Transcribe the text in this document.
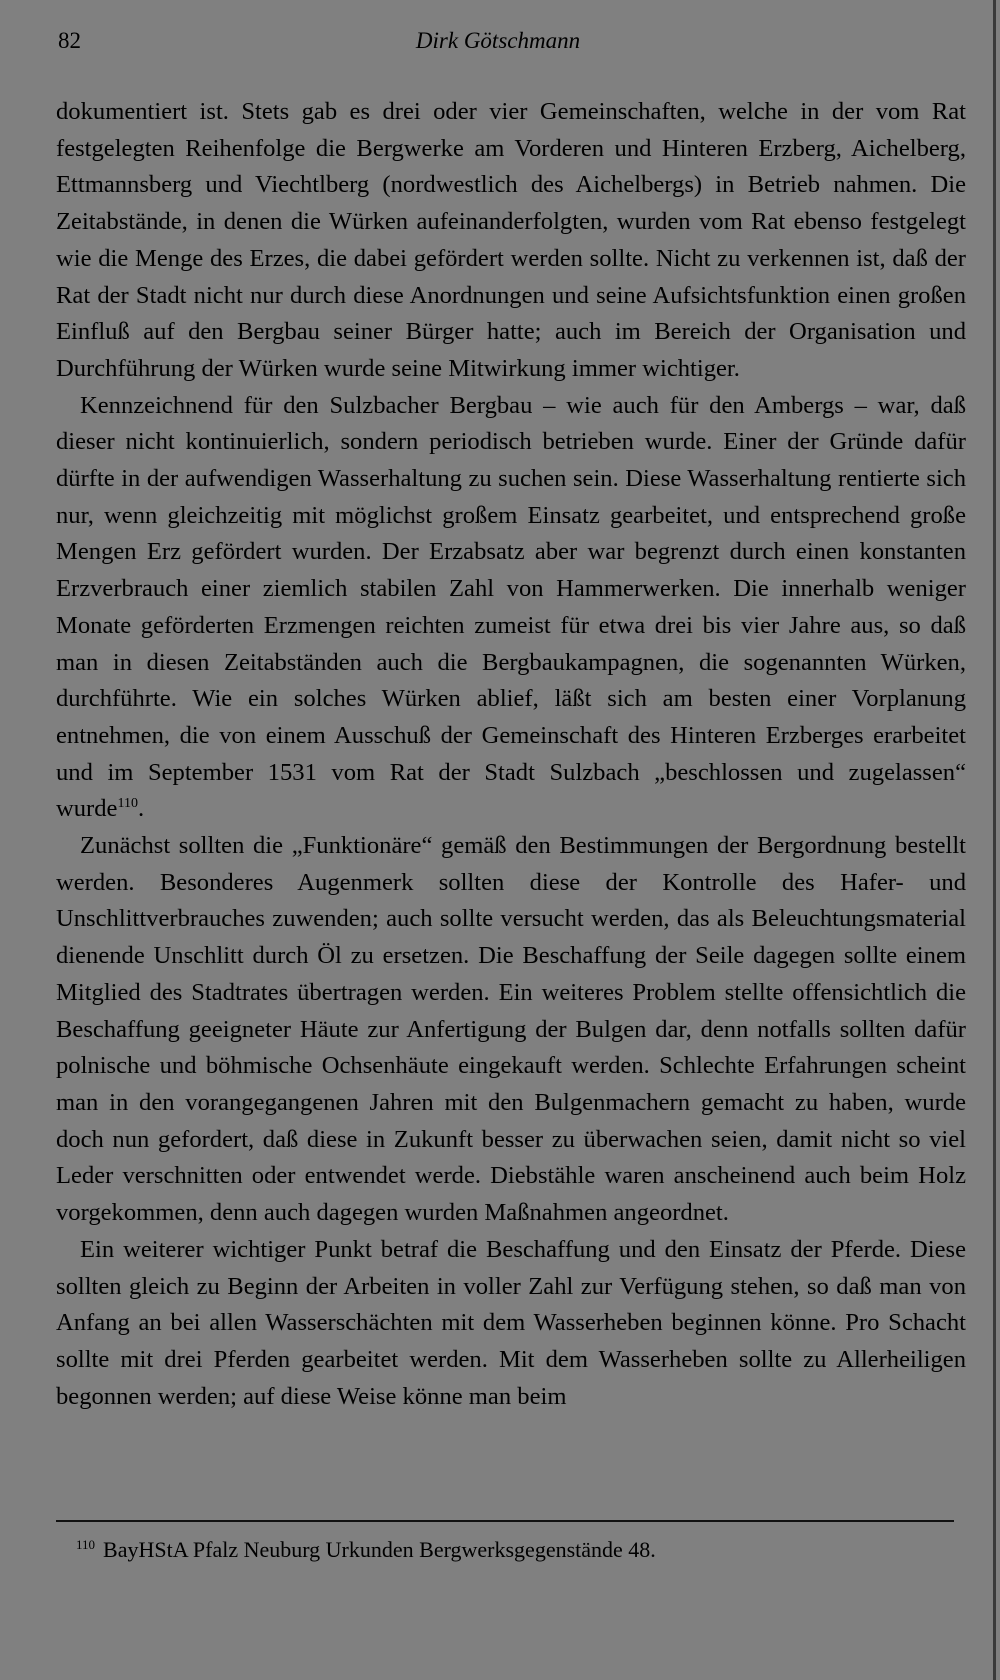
82	Dirk Götschmann

dokumentiert ist. Stets gab es drei oder vier Gemeinschaften, welche in der vom Rat festgelegten Reihenfolge die Bergwerke am Vorderen und Hinteren Erzberg, Aichelberg, Ettmannsberg und Viechtlberg (nordwestlich des Aichelbergs) in Betrieb nahmen. Die Zeitabstände, in denen die Würken aufeinanderfolgten, wurden vom Rat ebenso festgelegt wie die Menge des Erzes, die dabei gefördert werden sollte. Nicht zu verkennen ist, daß der Rat der Stadt nicht nur durch diese Anordnungen und seine Aufsichtsfunktion einen großen Einfluß auf den Bergbau seiner Bürger hatte; auch im Bereich der Organisation und Durchführung der Würken wurde seine Mitwirkung immer wichtiger.

Kennzeichnend für den Sulzbacher Bergbau – wie auch für den Ambergs – war, daß dieser nicht kontinuierlich, sondern periodisch betrieben wurde. Einer der Gründe dafür dürfte in der aufwendigen Wasserhaltung zu suchen sein. Diese Wasserhaltung rentierte sich nur, wenn gleichzeitig mit möglichst großem Einsatz gearbeitet, und entsprechend große Mengen Erz gefördert wurden. Der Erzabsatz aber war begrenzt durch einen konstanten Erzverbrauch einer ziemlich stabilen Zahl von Hammerwerken. Die innerhalb weniger Monate geförderten Erzmengen reichten zumeist für etwa drei bis vier Jahre aus, so daß man in diesen Zeitabständen auch die Bergbaukampagnen, die sogenannten Würken, durchführte. Wie ein solches Würken ablief, läßt sich am besten einer Vorplanung entnehmen, die von einem Ausschuß der Gemeinschaft des Hinteren Erzberges erarbeitet und im September 1531 vom Rat der Stadt Sulzbach „beschlossen und zugelassen“ wurde$^{110}$.

Zunächst sollten die „Funktionäre“ gemäß den Bestimmungen der Bergordnung bestellt werden. Besonderes Augenmerk sollten diese der Kontrolle des Hafer- und Unschlittverbrauches zuwenden; auch sollte versucht werden, das als Beleuchtungsmaterial dienende Unschlitt durch Öl zu ersetzen. Die Beschaffung der Seile dagegen sollte einem Mitglied des Stadtrates übertragen werden. Ein weiteres Problem stellte offensichtlich die Beschaffung geeigneter Häute zur Anfertigung der Bulgen dar, denn notfalls sollten dafür polnische und böhmische Ochsenhäute eingekauft werden. Schlechte Erfahrungen scheint man in den vorangegangenen Jahren mit den Bulgenmachern gemacht zu haben, wurde doch nun gefordert, daß diese in Zukunft besser zu überwachen seien, damit nicht so viel Leder verschnitten oder entwendet werde. Diebstähle waren anscheinend auch beim Holz vorgekommen, denn auch dagegen wurden Maßnahmen angeordnet.

Ein weiterer wichtiger Punkt betraf die Beschaffung und den Einsatz der Pferde. Diese sollten gleich zu Beginn der Arbeiten in voller Zahl zur Verfügung stehen, so daß man von Anfang an bei allen Wasserschächten mit dem Wasserheben beginnen könne. Pro Schacht sollte mit drei Pferden gearbeitet werden. Mit dem Wasserheben sollte zu Allerheiligen begonnen werden; auf diese Weise könne man beim

$^{110}$ BayHStA Pfalz Neuburg Urkunden Bergwerksgegenstände 48.
